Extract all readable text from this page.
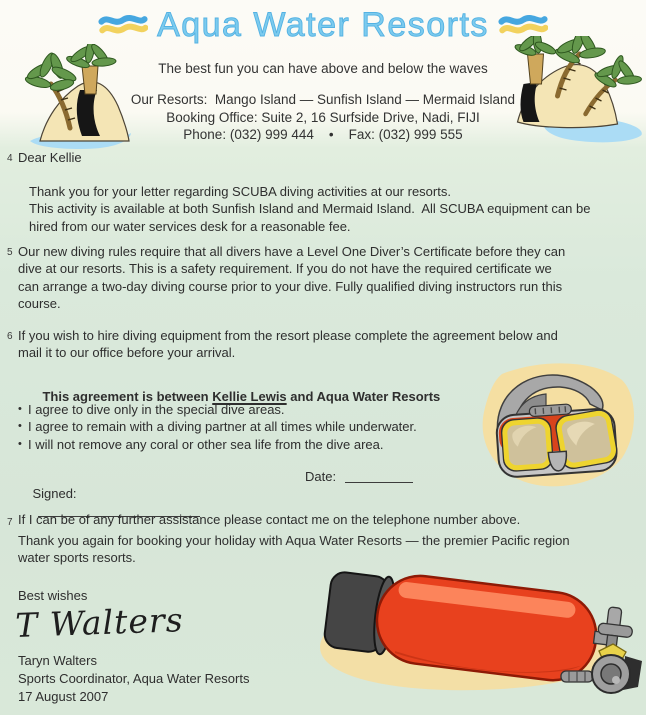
Aqua Water Resorts
The best fun you can have above and below the waves
Our Resorts:  Mango Island — Sunfish Island — Mermaid Island
Booking Office: Suite 2, 16 Surfside Drive, Nadi, FIJI
Phone: (032) 999 444    •    Fax: (032) 999 555
4 Dear Kellie
Thank you for your letter regarding SCUBA diving activities at our resorts.
This activity is available at both Sunfish Island and Mermaid Island.  All SCUBA equipment can be
hired from our water services desk for a reasonable fee.
5 Our new diving rules require that all divers have a Level One Diver’s Certificate before they can
dive at our resorts. This is a safety requirement. If you do not have the required certificate we
can arrange a two-day diving course prior to your dive. Fully qualified diving instructors run this
course.
6 If you wish to hire diving equipment from the resort please complete the agreement below and
mail it to our office before your arrival.

This agreement is between Kellie Lewis and Aqua Water Resorts

• I agree to dive only in the special dive areas.
• I agree to remain with a diving partner at all times while underwater.
• I will not remove any coral or other sea life from the dive area.

Signed:

Date:

7 If I can be of any further assistance please contact me on the telephone number above.
Thank you again for booking your holiday with Aqua Water Resorts — the premier Pacific region
water sports resorts.
Best wishes
T Walters
Taryn Walters
Sports Coordinator, Aqua Water Resorts
17 August 2007
